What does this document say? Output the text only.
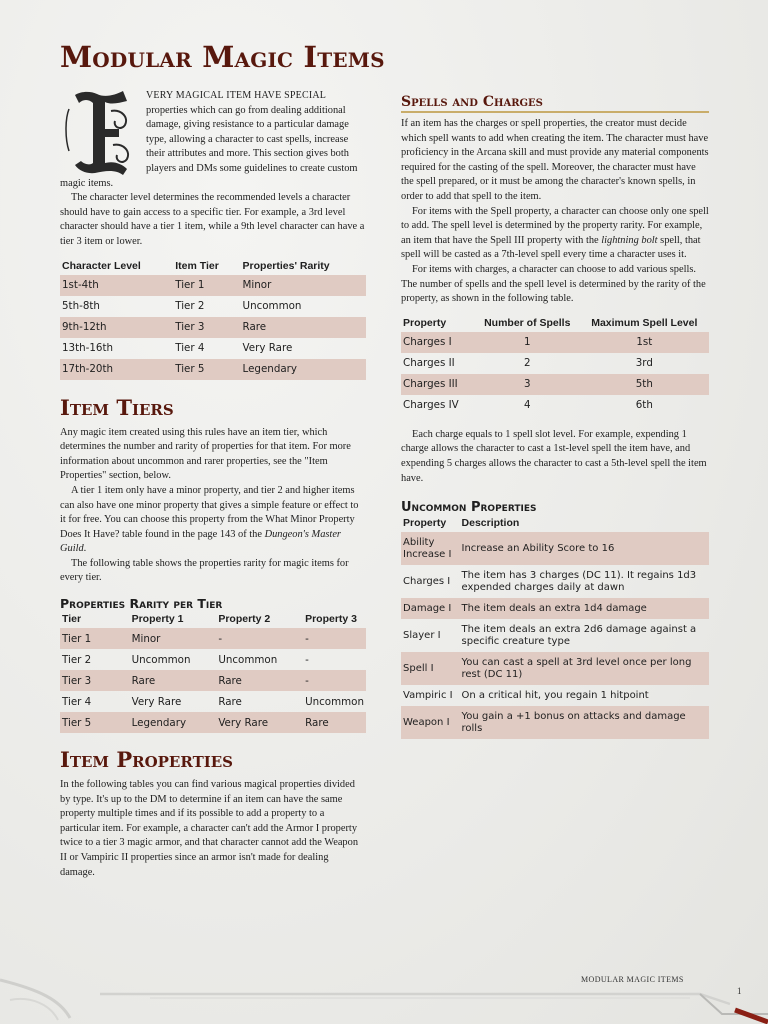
Modular Magic Items

VERY MAGICAL ITEM HAVE SPECIAL properties which can go from dealing additional damage, giving resistance to a particular damage type, allowing a character to cast spells, increase their attributes and more. This section gives both players and DMs some guidelines to create custom magic items.

The character level determines the recommended levels a character should have to gain access to a specific tier. For example, a 3rd level character should have a tier 1 item, while a 9th level character can have a tier 3 item or lower.

Character Level	Item Tier	Properties' Rarity
1st-4th	Tier 1	Minor
5th-8th	Tier 2	Uncommon
9th-12th	Tier 3	Rare
13th-16th	Tier 4	Very Rare
17th-20th	Tier 5	Legendary
Item Tiers

Any magic item created using this rules have an item tier, which determines the number and rarity of properties for that item. For more information about uncommon and rarer properties, see the "Item Properties" section, below.

A tier 1 item only have a minor property, and tier 2 and higher items can also have one minor property that gives a simple feature or effect to it for free. You can choose this property from the What Minor Property Does It Have? table found in the page 143 of the Dungeon's Master Guild.

The following table shows the properties rarity for magic items for every tier.

Properties Rarity per Tier
Tier	Property 1	Property 2	Property 3
Tier 1	Minor	-	-
Tier 2	Uncommon	Uncommon	-
Tier 3	Rare	Rare	-
Tier 4	Very Rare	Rare	Uncommon
Tier 5	Legendary	Very Rare	Rare
Item Properties

In the following tables you can find various magical properties divided by type. It's up to the DM to determine if an item can have the same property multiple times and if its possible to add a property to a particular item. For example, a character can't add the Armor I property twice to a tier 3 magic armor, and that character cannot add the Weapon II or Vampiric II properties since an armor isn't made for dealing damage.

Spells and Charges

If an item has the charges or spell properties, the creator must decide which spell wants to add when creating the item. The character must have proficiency in the Arcana skill and must provide any material components required for the casting of the spell. Moreover, the character must have the spell prepared, or it must be among the character's known spells, in order to add that spell to the item.

For items with the Spell property, a character can choose only one spell to add. The spell level is determined by the property rarity. For example, an item that have the Spell III property with the lightning bolt spell, that spell will be casted as a 7th-level spell every time a character uses it.

For items with charges, a character can choose to add various spells. The number of spells and the spell level is determined by the rarity of the property, as shown in the following table.

Property	Number of Spells	Maximum Spell Level
Charges I	1	1st
Charges II	2	3rd
Charges III	3	5th
Charges IV	4	6th

Each charge equals to 1 spell slot level. For example, expending 1 charge allows the character to cast a 1st-level spell the item have, and expending 5 charges allows the character to cast a 5th-level spell the item have.

Uncommon Properties
Property	Description
Ability Increase I	Increase an Ability Score to 16
Charges I	The item has 3 charges (DC 11). It regains 1d3 expended charges daily at dawn
Damage I	The item deals an extra 1d4 damage
Slayer I	The item deals an extra 2d6 damage against a specific creature type
Spell I	You can cast a spell at 3rd level once per long rest (DC 11)
Vampiric I	On a critical hit, you regain 1 hitpoint
Weapon I	You gain a +1 bonus on attacks and damage rolls
MODULAR MAGIC ITEMS
1
